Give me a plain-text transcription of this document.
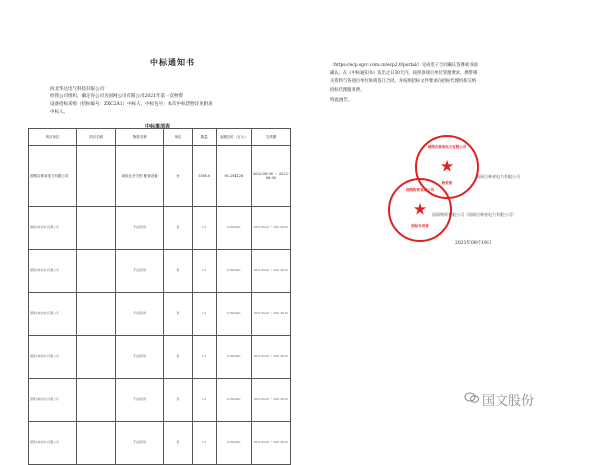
中标通知书
河北华达电气科技有限公司：
经我公司组织，确定你公司为国网公司有限公司2021年第一次物资
设备招标采购（招标编号：ZXC2A1）中标人，中标包号：本次中标货物详见附表
中标人。
中标事项表
项目单位	项目名称	物资名称	单位	数量	金额总价（万元）	交货期
国网吉林省电力有限公司		高低压开关柜 配套设备	台	1385.0	95.294128	2022-06-30 ～ 2022-06-30
国网吉林省电力有限公司		开关柜附件	套	1.0	0.3564021	2021-08-20 ～ 2021-08-20
国网吉林省电力有限公司		开关柜附件	套	1.0	0.3564021	2021-08-20 ～ 2021-08-20
国网吉林省电力有限公司		开关柜附件	套	1.0	0.3564021	2021-08-20 ～ 2021-08-20
国网吉林省电力有限公司		开关柜附件	套	1.0	0.3564021	2021-08-20 ～ 2021-08-20
国网吉林省电力有限公司		开关柜附件	套	1.0	0.3564021	2021-08-20 ～ 2021-08-20
国网吉林省电力有限公司		开关柜附件	套	1.0	0.3564021	2021-08-20 ～ 2021-08-20
（https://ecp.sgcc.com.cn/ecp2.0/portal/）完成电子合同确认签署或书面
确认。在《中标通知书》发出之日30天内，按照条项目单位管理要求，携带相
关资料与各项目单位协商签订合同，并按照招标文件要求向招标代理机构交纳
招标代理服务费。
特此函告。
国网吉林省电力有限公司
★
物资部
国网吉林省电力有限公司
国网物资有限公司
★
招标专用章
国网物资有限公司（国网吉林省电力有限公司）
2021年08月19日
国文股份
